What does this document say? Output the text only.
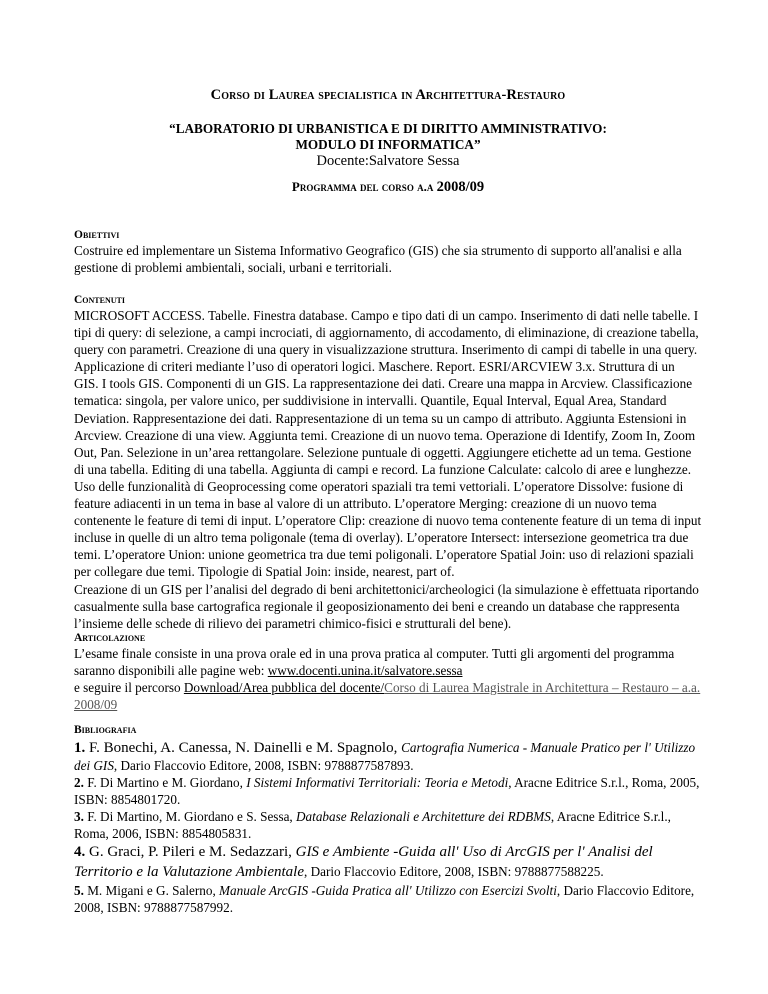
Corso di Laurea specialistica in Architettura-Restauro
“LABORATORIO DI URBANISTICA E DI DIRITTO AMMINISTRATIVO:
MODULO DI INFORMATICA”
Docente:Salvatore Sessa
Programma del corso a.a 2008/09
Obiettivi
Costruire ed implementare un Sistema Informativo Geografico (GIS) che sia strumento di supporto all'analisi e alla gestione di problemi ambientali, sociali, urbani e territoriali.
Contenuti
MICROSOFT ACCESS. Tabelle. Finestra database. Campo e tipo dati di un campo. Inserimento di dati nelle tabelle. I tipi di query: di selezione, a campi incrociati, di aggiornamento, di accodamento, di eliminazione, di creazione tabella, query con parametri. Creazione di una query in visualizzazione struttura. Inserimento di campi di tabelle in una query. Applicazione di criteri mediante l’uso di operatori logici. Maschere. Report. ESRI/ARCVIEW 3.x. Struttura di un GIS. I tools GIS. Componenti di un GIS. La rappresentazione dei dati. Creare una mappa in Arcview. Classificazione tematica: singola, per valore unico, per suddivisione in intervalli. Quantile, Equal Interval, Equal Area, Standard Deviation. Rappresentazione dei dati. Rappresentazione di un tema su un campo di attributo. Aggiunta Estensioni in Arcview. Creazione di una view. Aggiunta temi. Creazione di un nuovo tema. Operazione di Identify, Zoom In, Zoom Out, Pan. Selezione in un’area rettangolare. Selezione puntuale di oggetti. Aggiungere etichette ad un tema. Gestione di una tabella. Editing di una tabella. Aggiunta di campi e record. La funzione Calculate: calcolo di aree e lunghezze. Uso delle funzionalità di Geoprocessing come operatori spaziali tra temi vettoriali. L’operatore Dissolve: fusione di feature adiacenti in un tema in base al valore di un attributo. L’operatore Merging: creazione di un nuovo tema contenente le feature di temi di input. L’operatore Clip: creazione di nuovo tema contenente feature di un tema di input incluse in quelle di un altro tema poligonale (tema di overlay). L’operatore Intersect: intersezione geometrica tra due temi. L’operatore Union: unione geometrica tra due temi poligonali. L’operatore Spatial Join: uso di relazioni spaziali per collegare due temi. Tipologie di Spatial Join: inside, nearest, part of.
Creazione di un GIS per l’analisi del degrado di beni architettonici/archeologici (la simulazione è effettuata riportando casualmente sulla base cartografica regionale il geoposizionamento dei beni e creando un database che rappresenta l’insieme delle schede di rilievo dei parametri chimico-fisici e strutturali del bene).
Articolazione
L’esame finale consiste in una prova orale ed in una prova pratica al computer. Tutti gli argomenti del programma saranno disponibili alle pagine web: www.docenti.unina.it/salvatore.sessa
e seguire il percorso Download/Area pubblica del docente/Corso di Laurea Magistrale in Architettura – Restauro – a.a. 2008/09
Bibliografia

1. F. Bonechi, A. Canessa, N. Dainelli e M. Spagnolo, Cartografia Numerica - Manuale Pratico per l' Utilizzo dei GIS, Dario Flaccovio Editore, 2008, ISBN: 9788877587893.

2. F. Di Martino e M. Giordano, I Sistemi Informativi Territoriali: Teoria e Metodi, Aracne Editrice S.r.l., Roma, 2005, ISBN: 8854801720.

3. F. Di Martino, M. Giordano e S. Sessa, Database Relazionali e Architetture dei RDBMS, Aracne Editrice S.r.l., Roma, 2006, ISBN: 8854805831.

4. G. Graci, P. Pileri e M. Sedazzari, GIS e Ambiente -Guida all' Uso di ArcGIS per l' Analisi del Territorio e la Valutazione Ambientale, Dario Flaccovio Editore, 2008, ISBN: 9788877588225.

5. M. Migani e G. Salerno, Manuale ArcGIS -Guida Pratica all' Utilizzo con Esercizi Svolti, Dario Flaccovio Editore, 2008, ISBN: 9788877587992.
